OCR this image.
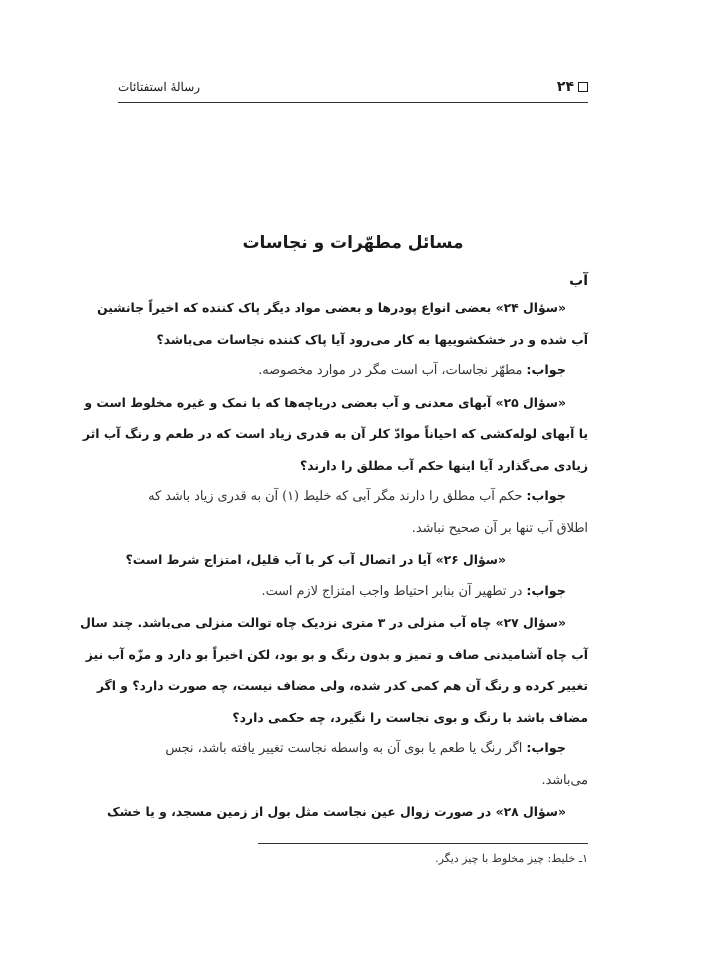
۲۴
رسالهٔ استفتائات
مسائل مطهّرات و نجاسات
آب
«سؤال ۲۴» بعضی انواع پودرها و بعضی مواد دیگر پاک کننده که اخیراً جانشین
آب شده و در خشکشوییها به کار می‌رود آیا پاک کننده نجاسات می‌باشد؟
جواب: مطهّر نجاسات، آب است مگر در موارد مخصوصه.
«سؤال ۲۵» آبهای معدنی و آب بعضی دریاچه‌ها که با نمک و غیره مخلوط است و
یا آبهای لوله‌کشی که احیاناً موادّ کلر آن به قدری زیاد است که در طعم و رنگ آب اثر
زیادی می‌گذارد آیا اینها حکم آب مطلق را دارند؟
جواب: حکم آب مطلق را دارند مگر آبی که خلیط (۱) آن به قدری زیاد باشد که
اطلاق آب تنها بر آن صحیح نباشد.
«سؤال ۲۶» آیا در اتصال آب کر با آب قلیل، امتزاج شرط است؟
جواب: در تطهیر آن بنابر احتیاط واجب امتزاج لازم است.
«سؤال ۲۷» چاه آب منزلی در ۳ متری نزدیک چاه توالت منزلی می‌باشد. چند سال
آب چاه آشامیدنی صاف و تمیز و بدون رنگ و بو بود، لکن اخیراً بو دارد و مزّه آب نیز
تغییر کرده و رنگ آن هم کمی کدر شده، ولی مضاف نیست، چه صورت دارد؟ و اگر
مضاف باشد با رنگ و بوی نجاست را نگیرد، چه حکمی دارد؟
جواب: اگر رنگ یا طعم یا بوی آن به واسطه نجاست تغییر یافته باشد، نجس
می‌باشد.
«سؤال ۲۸» در صورت زوال عین نجاست مثل بول از زمین مسجد، و یا خشک
۱ـ خلیط: چیز مخلوط با چیز دیگر.
